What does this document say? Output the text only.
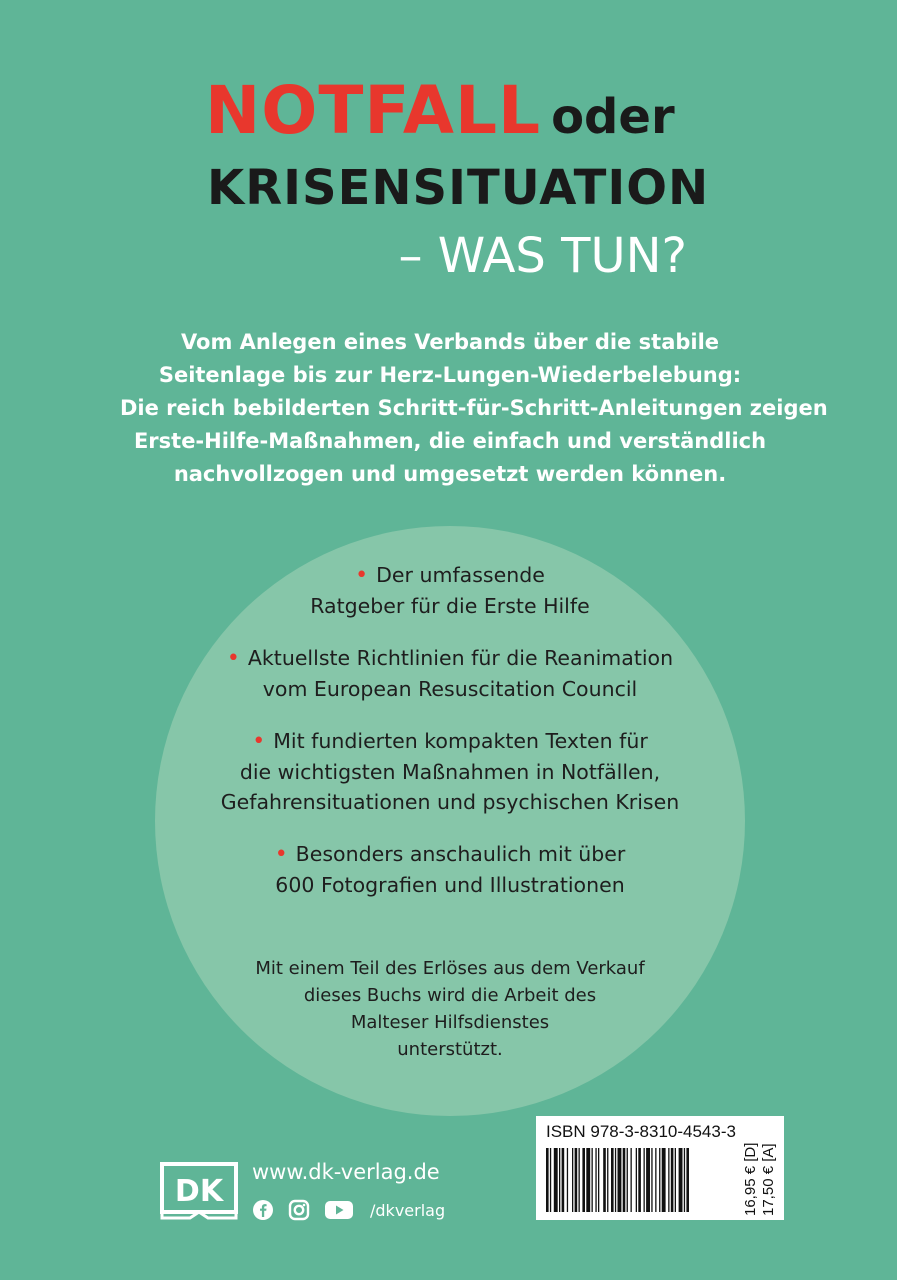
NOTFALL oder
KRISENSITUATION
– WAS TUN?
Vom Anlegen eines Verbands über die stabile
Seitenlage bis zur Herz-Lungen-Wiederbelebung:
Die reich bebilderten Schritt-für-Schritt-Anleitungen zeigen
Erste-Hilfe-Maßnahmen, die einfach und verständlich
nachvollzogen und umgesetzt werden können.
• Der umfassende
Ratgeber für die Erste Hilfe
• Aktuellste Richtlinien für die Reanimation
vom European Resuscitation Council
• Mit fundierten kompakten Texten für
die wichtigsten Maßnahmen in Notfällen,
Gefahrensituationen und psychischen Krisen
• Besonders anschaulich mit über
600 Fotografien und Illustrationen
Mit einem Teil des Erlöses aus dem Verkauf
dieses Buchs wird die Arbeit des
Malteser Hilfsdienstes
unterstützt.
ISBN 978-3-8310-4543-3
16,95 € [D] 17,50 € [A]
DK
www.dk-verlag.de
/dkverlag
